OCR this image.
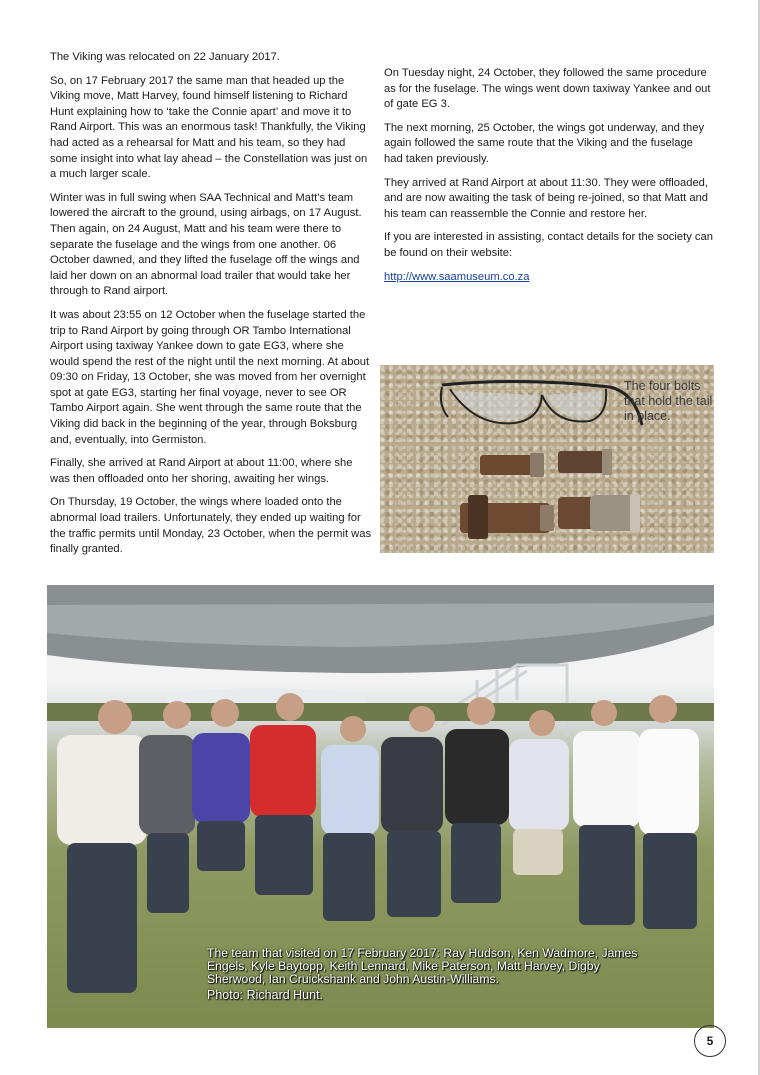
The Viking was relocated on 22 January 2017.

So, on 17 February 2017 the same man that headed up the Viking move, Matt Harvey, found himself listening to Richard Hunt explaining how to ‘take the Connie apart’ and move it to Rand Airport. This was an enormous task! Thankfully, the Viking had acted as a rehearsal for Matt and his team, so they had some insight into what lay ahead – the Constellation was just on a much larger scale.

Winter was in full swing when SAA Technical and Matt’s team lowered the aircraft to the ground, using airbags, on 17 August. Then again, on 24 August, Matt and his team were there to separate the fuselage and the wings from one another. 06 October dawned, and they lifted the fuselage off the wings and laid her down on an abnormal load trailer that would take her through to Rand airport.

It was about 23:55 on 12 October when the fuselage started the trip to Rand Airport by going through OR Tambo International Airport using taxiway Yankee down to gate EG3, where she would spend the rest of the night until the next morning. At about 09:30 on Friday, 13 October, she was moved from her overnight spot at gate EG3, starting her final voyage, never to see OR Tambo Airport again. She went through the same route that the Viking did back in the beginning of the year, through Boksburg and, eventually, into Germiston.

Finally, she arrived at Rand Airport at about 11:00, where she was then offloaded onto her shoring, awaiting her wings.

On Thursday, 19 October, the wings where loaded onto the abnormal load trailers. Unfortunately, they ended up waiting for the traffic permits until Monday, 23 October, when the permit was finally granted.

On Tuesday night, 24 October, they followed the same procedure as for the fuselage. The wings went down taxiway Yankee and out of gate EG 3.

The next morning, 25 October, the wings got underway, and they again followed the same route that the Viking and the fuselage had taken previously.

They arrived at Rand Airport at about 11:30. They were offloaded, and are now awaiting the task of being re-joined, so that Matt and his team can reassemble the Connie and restore her.

If you are interested in assisting, contact details for the society can be found on their website:

http://www.saamuseum.co.za

The four bolts that hold the tail in place.
The team that visited on 17 February 2017: Ray Hudson, Ken Wadmore, James Engels, Kyle Baytopp, Keith Lennard, Mike Paterson, Matt Harvey, Digby Sherwood, Ian Cruickshank and John Austin-Williams.
Photo: Richard Hunt.
5
